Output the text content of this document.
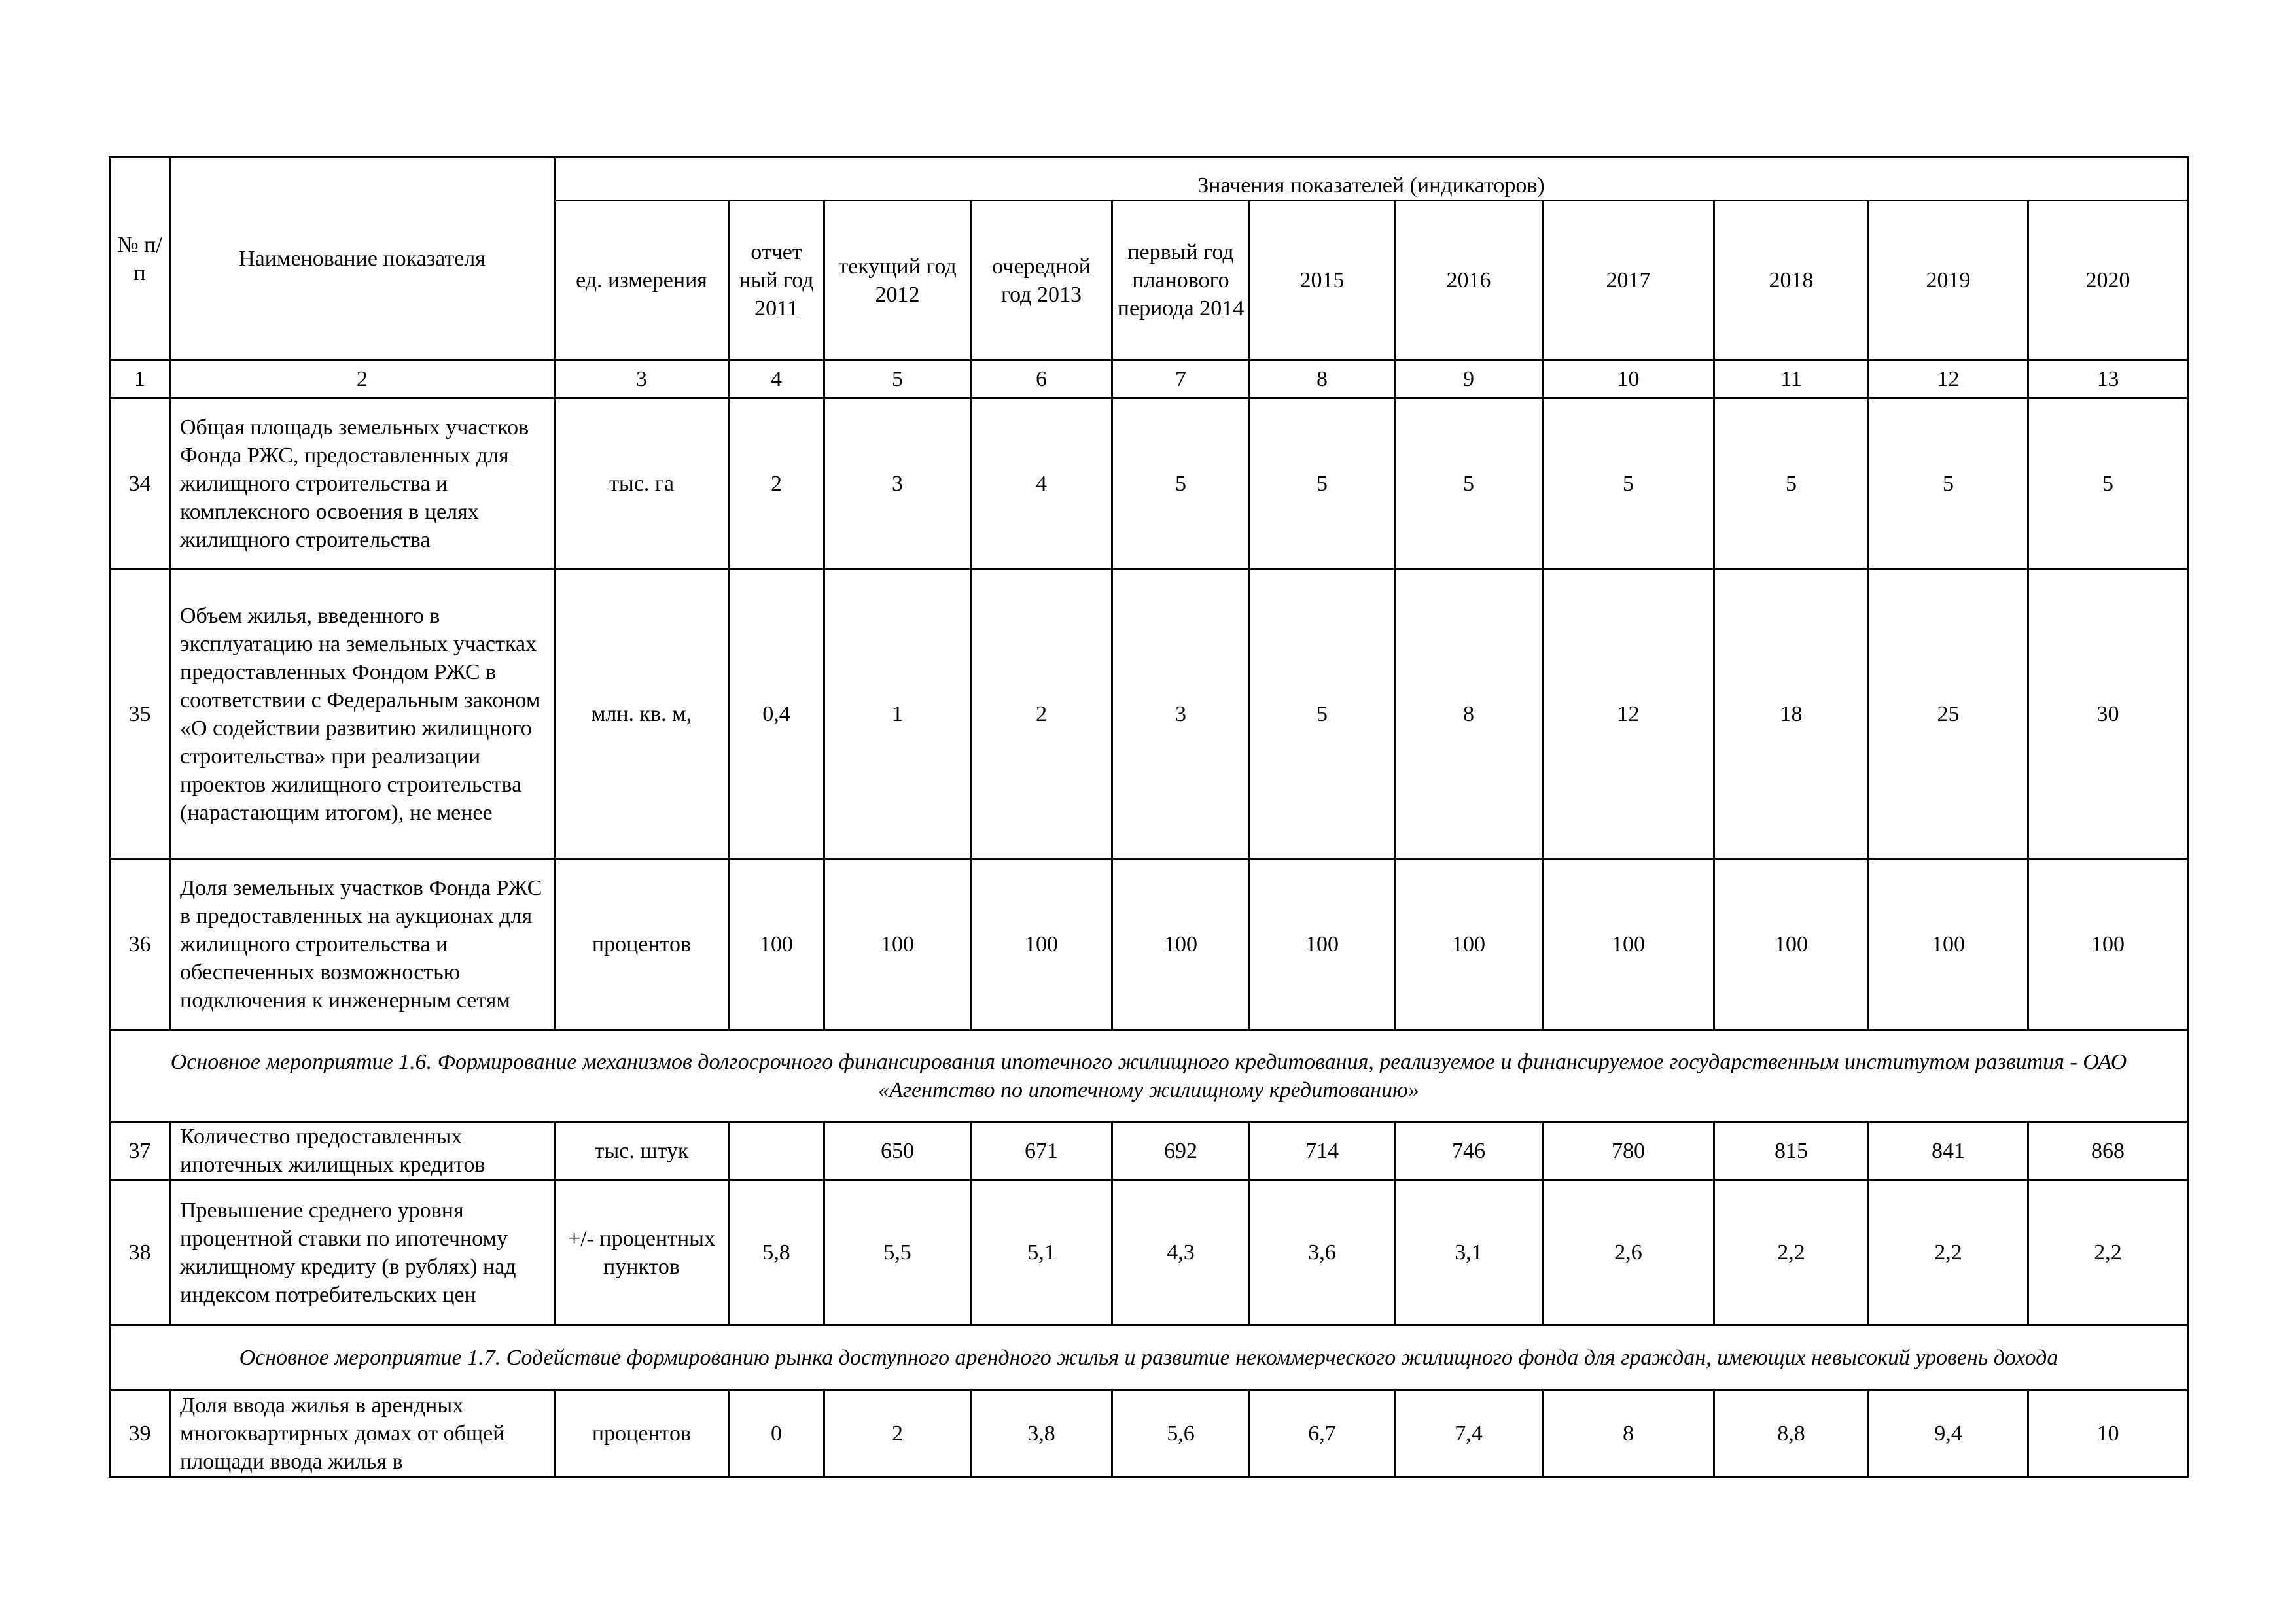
№ п/ п	Наименование показателя	Значения показателей (индикаторов)										
		ед. измерения	отчет ный год 2011	текущий год 2012	очередной год 2013	первый год планового периода 2014	2015	2016	2017	2018	2019	2020
1	2	3	4	5	6	7	8	9	10	11	12	13
34	Общая площадь земельных участков Фонда РЖС, предоставленных для жилищного строительства и комплексного освоения в целях жилищного строительства	тыс. га	2	3	4	5	5	5	5	5	5	5
35	Объем жилья, введенного в эксплуатацию на земельных участках предоставленных Фондом РЖС в соответствии с Федеральным законом «О содействии развитию жилищного строительства» при реализации проектов жилищного строительства (нарастающим итогом), не менее	млн. кв. м,	0,4	1	2	3	5	8	12	18	25	30
36	Доля земельных участков Фонда РЖС в предоставленных на аукционах для жилищного строительства и обеспеченных возможностью подключения к инженерным сетям	процентов	100	100	100	100	100	100	100	100	100	100
Основное мероприятие 1.6. Формирование механизмов долгосрочного финансирования ипотечного жилищного кредитования, реализуемое и финансируемое государственным институтом развития - ОАО «Агентство по ипотечному жилищному кредитованию»												
37	Количество предоставленных ипотечных жилищных кредитов	тыс. штук		650	671	692	714	746	780	815	841	868
38	Превышение среднего уровня процентной ставки по ипотечному жилищному кредиту (в рублях) над индексом потребительских цен	+/- процентных пунктов	5,8	5,5	5,1	4,3	3,6	3,1	2,6	2,2	2,2	2,2
Основное мероприятие 1.7. Содействие формированию рынка доступного арендного жилья и развитие некоммерческого жилищного фонда для граждан, имеющих невысокий уровень дохода												
39	Доля ввода жилья в арендных многоквартирных домах от общей площади ввода жилья в	процентов	0	2	3,8	5,6	6,7	7,4	8	8,8	9,4	10
